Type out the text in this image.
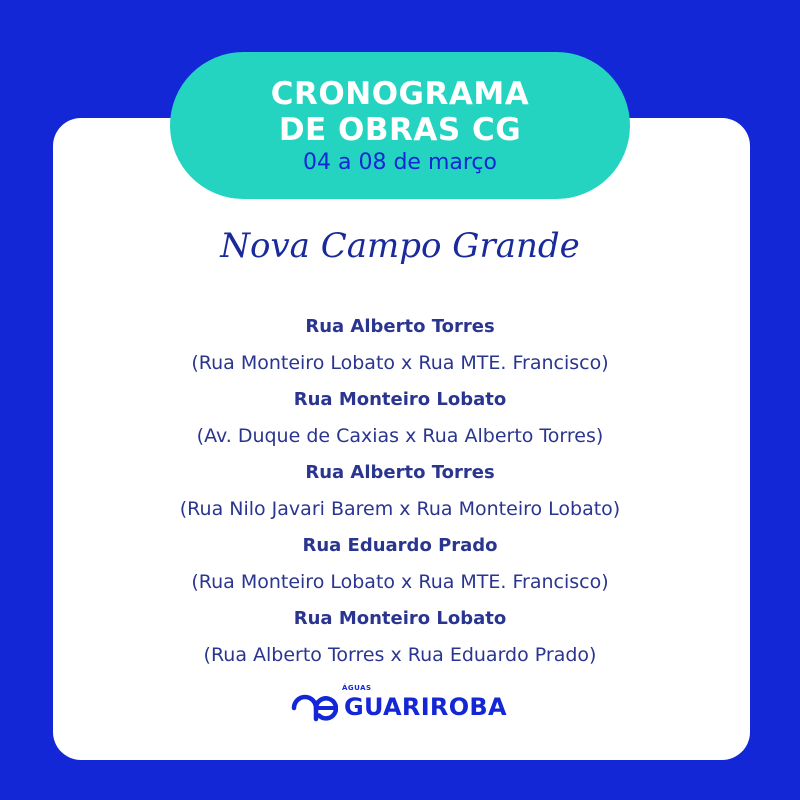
CRONOGRAMA
DE OBRAS CG
04 a 08 de março
Nova Campo Grande
Rua Alberto Torres
(Rua Monteiro Lobato x Rua MTE. Francisco)
Rua Monteiro Lobato
(Av. Duque de Caxias x Rua Alberto Torres)
Rua Alberto Torres
(Rua Nilo Javari Barem x Rua Monteiro Lobato)
Rua Eduardo Prado
(Rua Monteiro Lobato x Rua MTE. Francisco)
Rua Monteiro Lobato
(Rua Alberto Torres x Rua Eduardo Prado)
ÁGUAS
GUARIROBA
